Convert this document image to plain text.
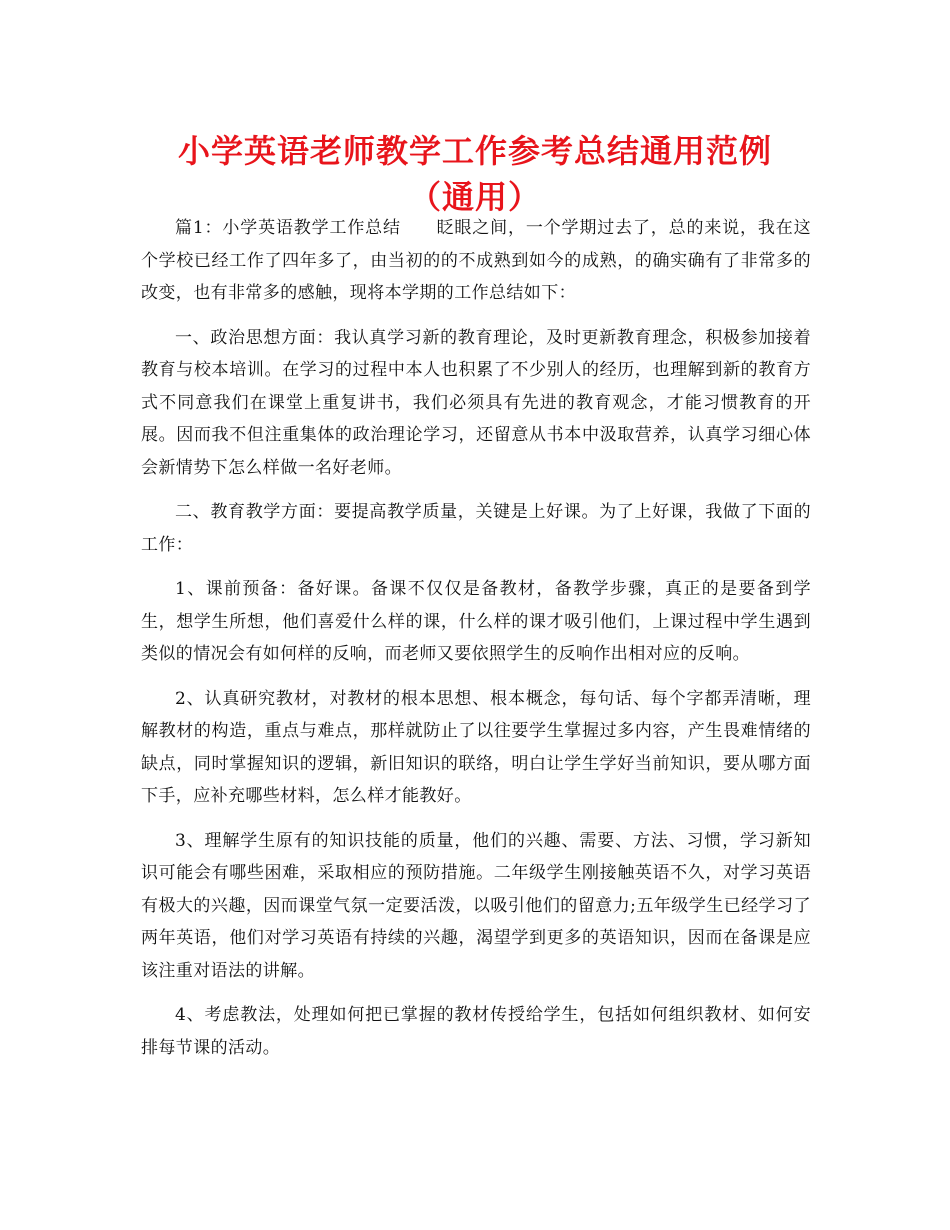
小学英语老师教学工作参考总结通用范例（通用）

篇1：小学英语教学工作总结　　眨眼之间，一个学期过去了，总的来说，我在这个学校已经工作了四年多了，由当初的的不成熟到如今的成熟，的确实确有了非常多的改变，也有非常多的感触，现将本学期的工作总结如下：

一、政治思想方面：我认真学习新的教育理论，及时更新教育理念，积极参加接着教育与校本培训。在学习的过程中本人也积累了不少别人的经历，也理解到新的教育方式不同意我们在课堂上重复讲书，我们必须具有先进的教育观念，才能习惯教育的开展。因而我不但注重集体的政治理论学习，还留意从书本中汲取营养，认真学习细心体会新情势下怎么样做一名好老师。

二、教育教学方面：要提高教学质量，关键是上好课。为了上好课，我做了下面的工作：

1、课前预备：备好课。备课不仅仅是备教材，备教学步骤，真正的是要备到学生，想学生所想，他们喜爱什么样的课，什么样的课才吸引他们，上课过程中学生遇到类似的情况会有如何样的反响，而老师又要依照学生的反响作出相对应的反响。

2、认真研究教材，对教材的根本思想、根本概念，每句话、每个字都弄清晰，理解教材的构造，重点与难点，那样就防止了以往要学生掌握过多内容，产生畏难情绪的缺点，同时掌握知识的逻辑，新旧知识的联络，明白让学生学好当前知识，要从哪方面下手，应补充哪些材料，怎么样才能教好。

3、理解学生原有的知识技能的质量，他们的兴趣、需要、方法、习惯，学习新知识可能会有哪些困难，采取相应的预防措施。二年级学生刚接触英语不久，对学习英语有极大的兴趣，因而课堂气氛一定要活泼，以吸引他们的留意力;五年级学生已经学习了两年英语，他们对学习英语有持续的兴趣，渴望学到更多的英语知识，因而在备课是应该注重对语法的讲解。

4、考虑教法，处理如何把已掌握的教材传授给学生，包括如何组织教材、如何安排每节课的活动。
